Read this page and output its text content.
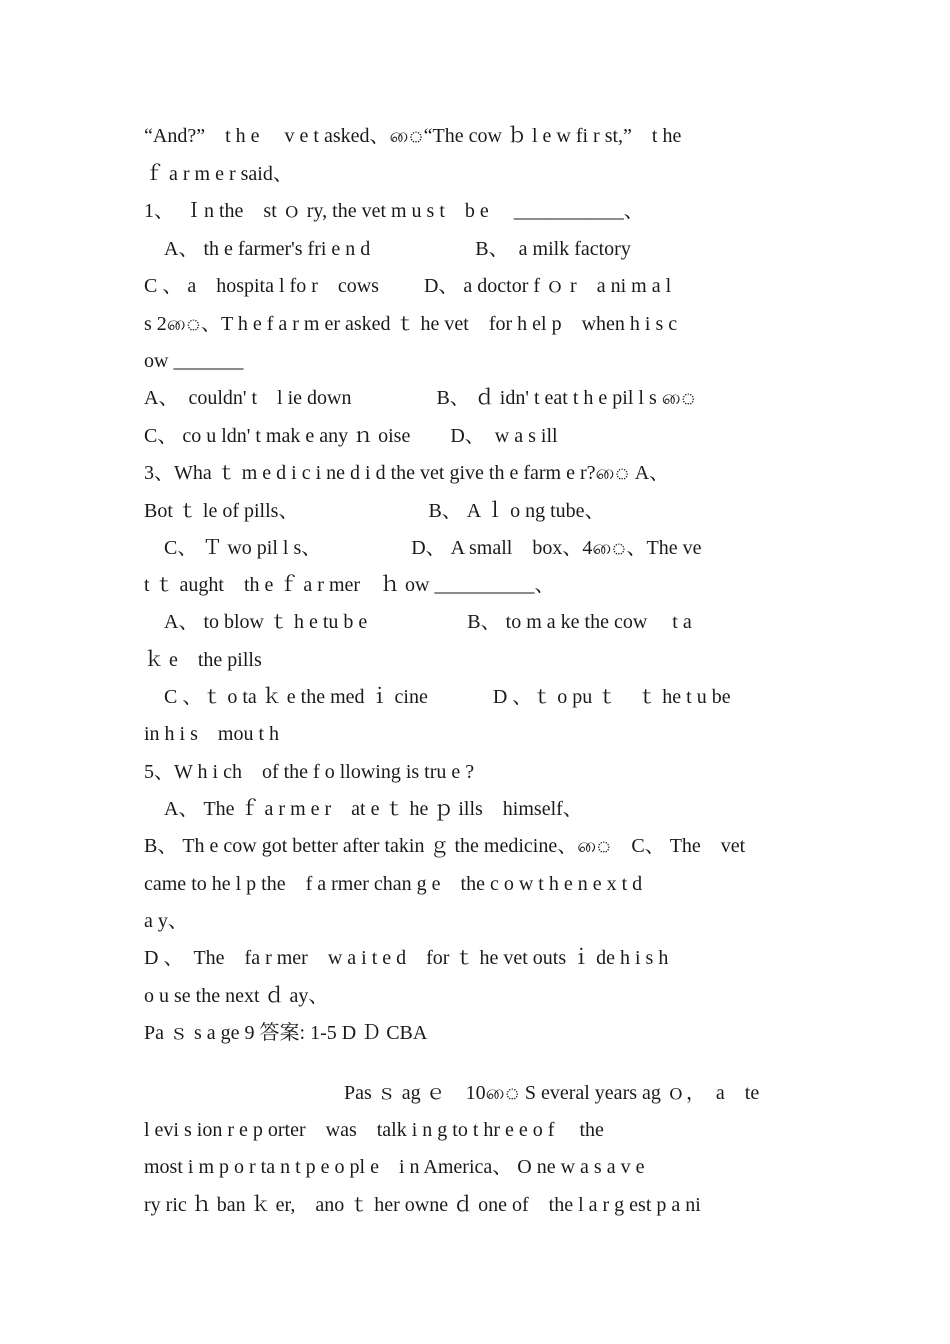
“And?”　t h e 　v e t asked、ை“The cow ｂ l e w fi r st,”　t he
ｆ a r m e r said、
1、　Ｉn the　st ｏ ry, the vet m u s t　b e　 ___________、
　A、 th e farmer's fri e n d　　　　　 B、　a milk factory
C 、 a　hospita l fo r　cows　　 D、 a doctor f ｏ r　a ni m a l
s 2ை、T h e f a r m er asked ｔ he vet　for h el p　when h i s c
ow _______
A、　couldn' t　l ie down　　　　 B、 ｄ idn' t eat t h e pil l s ை
C、 co u ldn' t mak e any ｎ oise　　D、　w a s ill
3、Wha ｔ m e d i c i ne d i d the vet give th e farm e r?ை A、
Bot ｔ le of pills、　　　　　　　B、 A ｌ o ng tube、
　C、 Ｔ wo pil l s、　　　　　D、 A small　box、4ை、The ve
t ｔ aught　th e ｆ a r mer　ｈ ow __________、
　A、 to blow ｔ h e tu b e　　　　　B、 to m a ke the cow　 t a
ｋ e　the pills
　C 、ｔ o ta ｋ e the med ｉ cine　　　 D 、ｔ o pu ｔ　ｔ he t u be
in h i s　mou t h
5、W h i ch　of the f o llowing is tru e ?
　A、 The ｆ a r m e r　at e ｔ he ｐ ills　himself、
B、 Th e cow got better after takin ｇ the medicine、ை　C、 The　vet
came to he l p the　f a rmer chan g e　the c o w t h e n e x t d
a y、
D 、　The　fa r mer　w a i t e d　for ｔ he vet outs ｉ de h i s h
o u se the next ｄ ay、
Pa ｓ s a ge 9 答案: 1-5 D Ｄ CBA
　　　　　　　　　　Pas ｓ ag ｅ　10ை S everal years ag ｏ，　a　te
l evi s ion r e p orter　was　talk i n g to t hr e e o f　 the
most i m p o r ta n t p e o pl e　i n America、 O ne w a s a v e
ry ric ｈ ban ｋ er,　ano ｔ her owne ｄ one of　the l a r g est p a ni
